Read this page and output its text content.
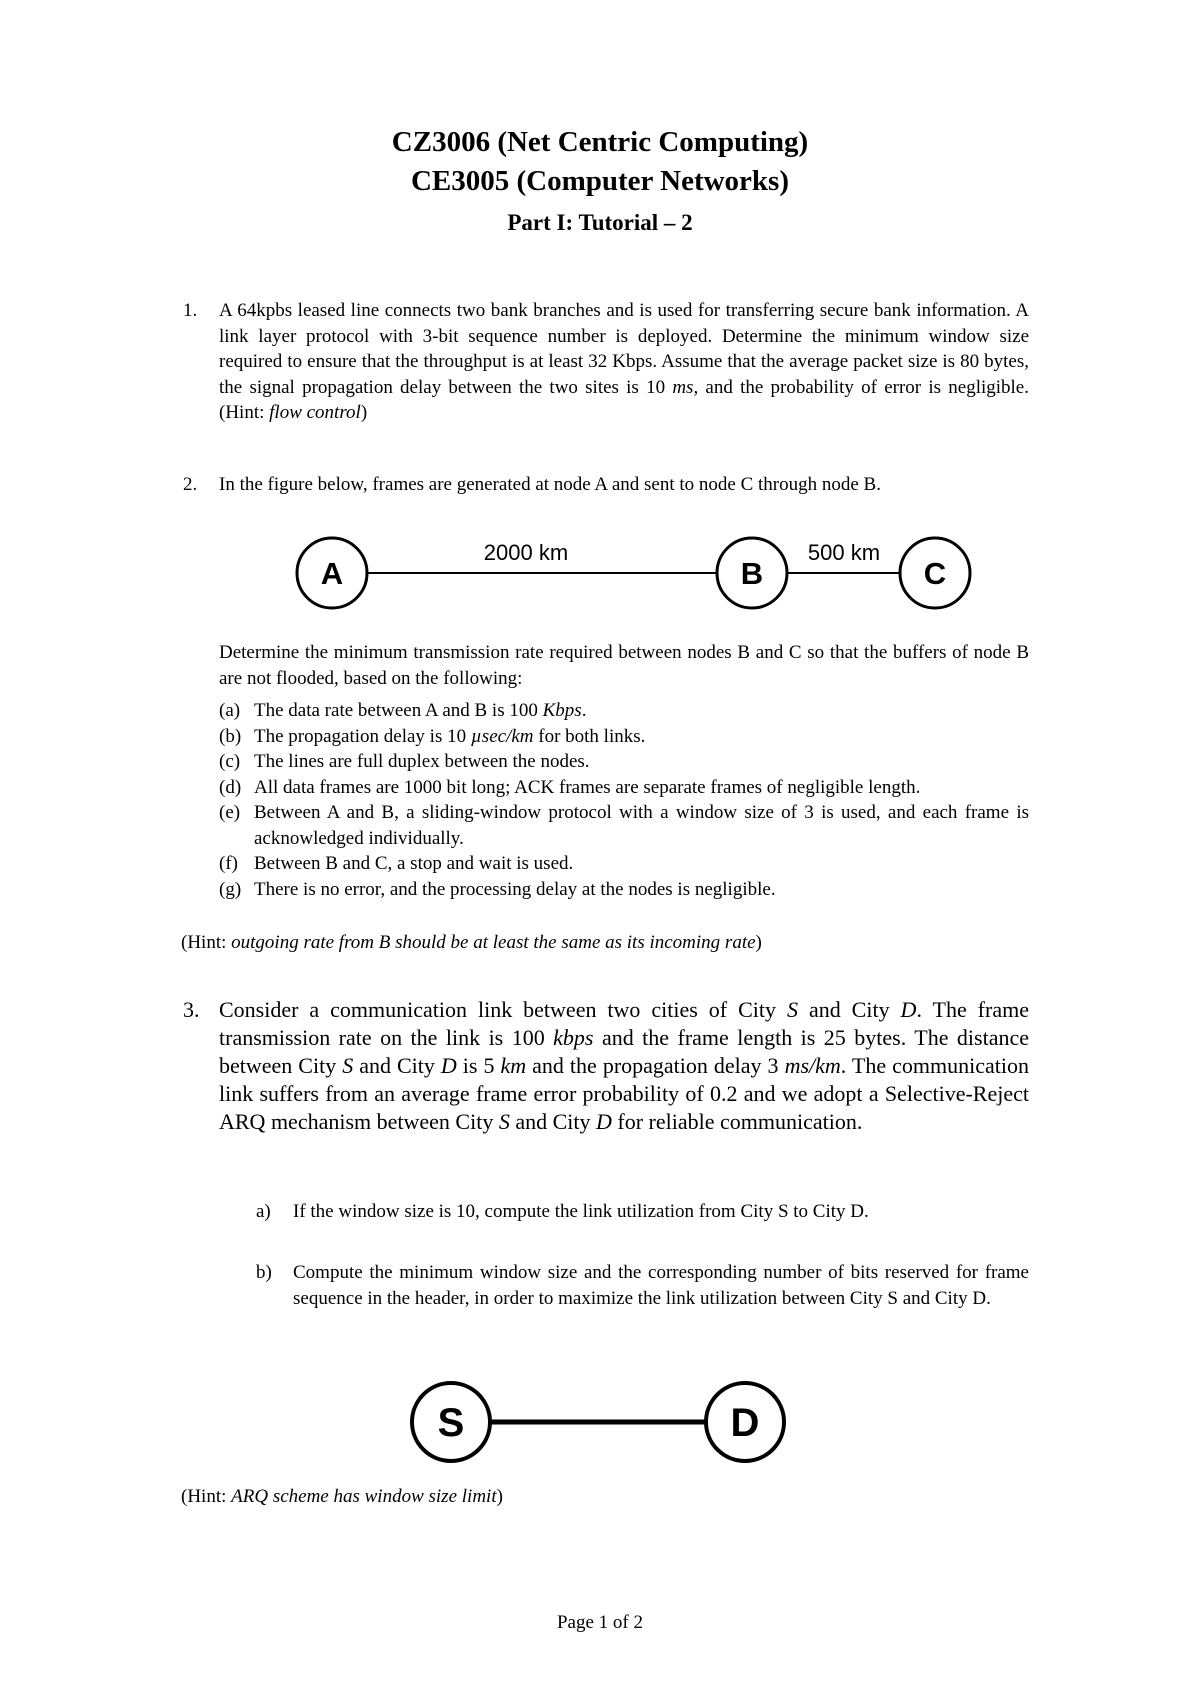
CZ3006 (Net Centric Computing)
CE3005 (Computer Networks)
Part I: Tutorial – 2
1. A 64kpbs leased line connects two bank branches and is used for transferring secure bank information. A link layer protocol with 3-bit sequence number is deployed. Determine the minimum window size required to ensure that the throughput is at least 32 Kbps. Assume that the average packet size is 80 bytes, the signal propagation delay between the two sites is 10 ms, and the probability of error is negligible. (Hint: flow control)

2. In the figure below, frames are generated at node A and sent to node C through node B.

A	B	C
2000 km	500 km

Determine the minimum transmission rate required between nodes B and C so that the buffers of node B are not flooded, based on the following:

(a) The data rate between A and B is 100 Kbps.
(b) The propagation delay is 10 µsec/km for both links.
(c) The lines are full duplex between the nodes.
(d) All data frames are 1000 bit long; ACK frames are separate frames of negligible length.
(e) Between A and B, a sliding-window protocol with a window size of 3 is used, and each frame is acknowledged individually.
(f) Between B and C, a stop and wait is used.
(g) There is no error, and the processing delay at the nodes is negligible.

(Hint: outgoing rate from B should be at least the same as its incoming rate)

3. Consider a communication link between two cities of City S and City D. The frame transmission rate on the link is 100 kbps and the frame length is 25 bytes. The distance between City S and City D is 5 km and the propagation delay 3 ms/km. The communication link suffers from an average frame error probability of 0.2 and we adopt a Selective-Reject ARQ mechanism between City S and City D for reliable communication.

a) If the window size is 10, compute the link utilization from City S to City D.

b) Compute the minimum window size and the corresponding number of bits reserved for frame sequence in the header, in order to maximize the link utilization between City S and City D.

S	D

(Hint: ARQ scheme has window size limit)

Page 1 of 2
